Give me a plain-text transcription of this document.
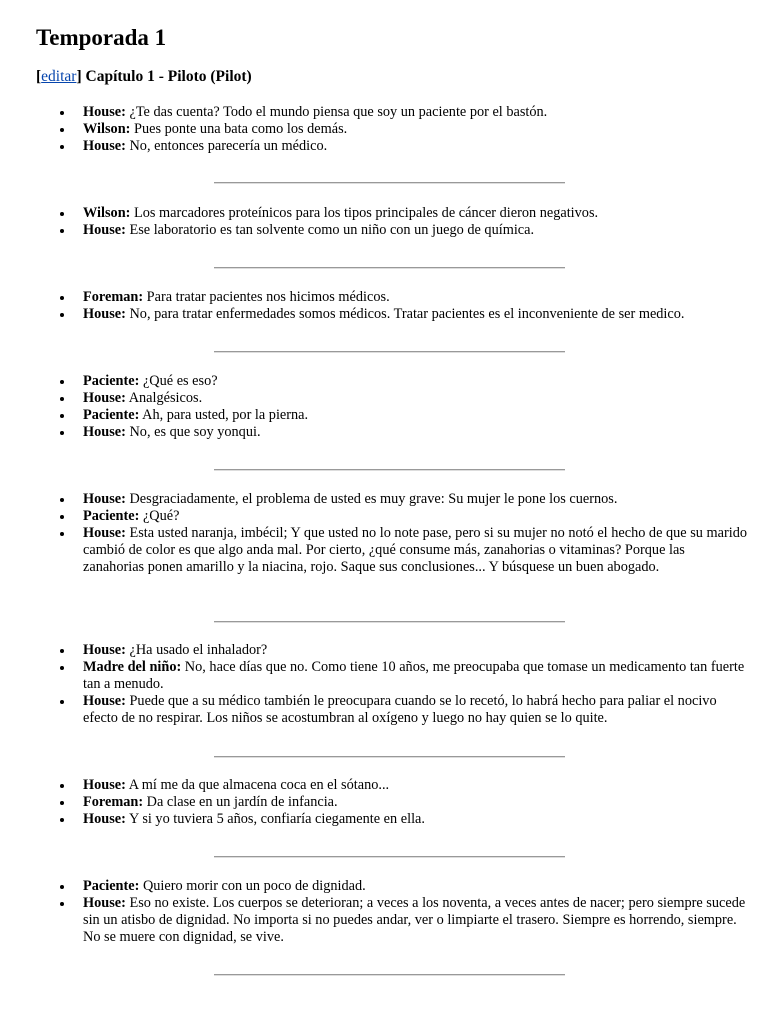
Temporada 1
[editar] Capítulo 1 - Piloto (Pilot)
House: ¿Te das cuenta? Todo el mundo piensa que soy un paciente por el bastón.
Wilson: Pues ponte una bata como los demás.
House: No, entonces parecería un médico.
Wilson: Los marcadores proteínicos para los tipos principales de cáncer dieron negativos.
House: Ese laboratorio es tan solvente como un niño con un juego de química.
Foreman: Para tratar pacientes nos hicimos médicos.
House: No, para tratar enfermedades somos médicos. Tratar pacientes es el inconveniente de ser medico.
Paciente: ¿Qué es eso?
House: Analgésicos.
Paciente: Ah, para usted, por la pierna.
House: No, es que soy yonqui.
House: Desgraciadamente, el problema de usted es muy grave: Su mujer le pone los cuernos.
Paciente: ¿Qué?
House: Esta usted naranja, imbécil; Y que usted no lo note pase, pero si su mujer no notó el hecho de que su marido cambió de color es que algo anda mal. Por cierto, ¿qué consume más, zanahorias o vitaminas? Porque las zanahorias ponen amarillo y la niacina, rojo. Saque sus conclusiones... Y búsquese un buen abogado.
House: ¿Ha usado el inhalador?
Madre del niño: No, hace días que no. Como tiene 10 años, me preocupaba que tomase un medicamento tan fuerte tan a menudo.
House: Puede que a su médico también le preocupara cuando se lo recetó, lo habrá hecho para paliar el nocivo efecto de no respirar. Los niños se acostumbran al oxígeno y luego no hay quien se lo quite.
House: A mí me da que almacena coca en el sótano...
Foreman: Da clase en un jardín de infancia.
House: Y si yo tuviera 5 años, confiaría ciegamente en ella.
Paciente: Quiero morir con un poco de dignidad.
House: Eso no existe. Los cuerpos se deterioran; a veces a los noventa, a veces antes de nacer; pero siempre sucede sin un atisbo de dignidad. No importa si no puedes andar, ver o limpiarte el trasero. Siempre es horrendo, siempre. No se muere con dignidad, se vive.
